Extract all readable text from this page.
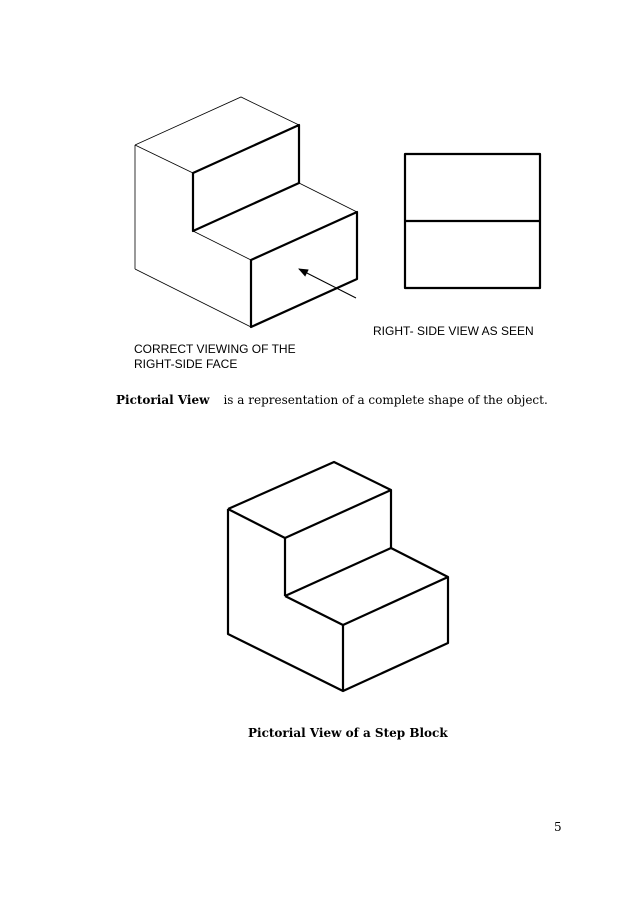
CORRECT VIEWING OF THE
RIGHT-SIDE FACE
RIGHT- SIDE VIEW AS SEEN
Pictorial View is a representation of a complete shape of the object.
Pictorial View of a Step Block
5
